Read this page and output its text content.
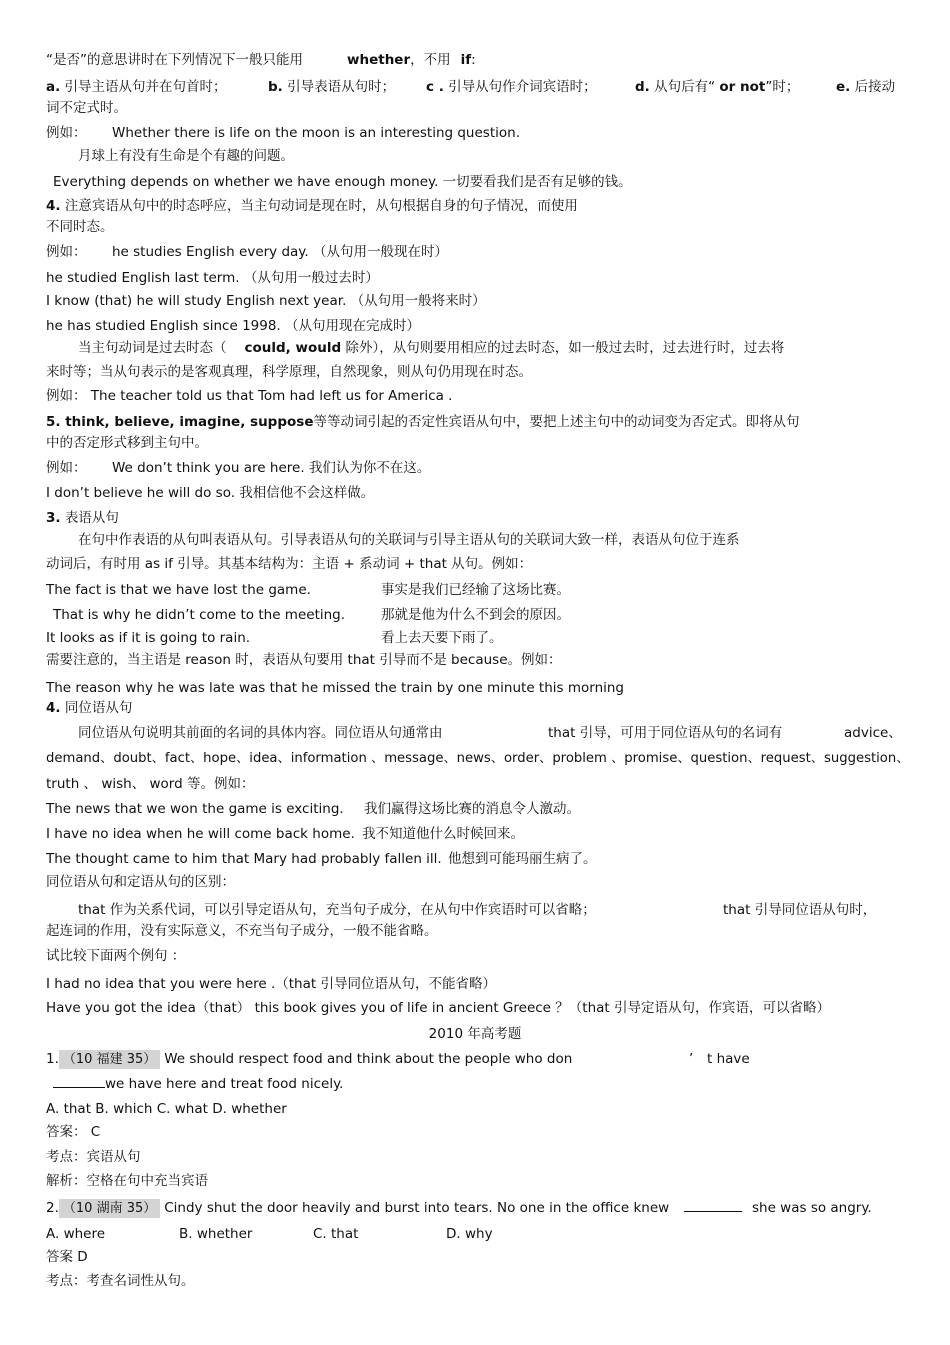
“是否”的意思讲时在下列情况下一般只能用	whether，不用 if:
a. 引导主语从句并在句首时；	b. 引导表语从句时； c . 引导从句作介词宾语时；	d. 从句后有“ or not”时；	e. 后接动
词不定式时。
例如： Whether there is life on the moon is an interesting question.
月球上有没有生命是个有趣的问题。
Everything depends on whether we have enough money. 一切要看我们是否有足够的钱。
4. 注意宾语从句中的时态呼应，当主句动词是现在时，从句根据自身的句子情况，而使用
不同时态。
例如： he studies English every day. （从句用一般现在时）
he studied English last term. （从句用一般过去时）
I know (that) he will study English next year. （从句用一般将来时）
he has studied English since 1998. （从句用现在完成时）
当主句动词是过去时态（ could, would 除外），从句则要用相应的过去时态，如一般过去时，过去进行时，过去将
来时等；当从句表示的是客观真理，科学原理，自然现象，则从句仍用现在时态。
例如： The teacher told us that Tom had left us for America .
5. think, believe, imagine, suppose等等动词引起的否定性宾语从句中，要把上述主句中的动词变为否定式。即将从句
中的否定形式移到主句中。
例如： We don’t think you are here. 我们认为你不在这。
I don’t believe he will do so. 我相信他不会这样做。
3. 表语从句
在句中作表语的从句叫表语从句。引导表语从句的关联词与引导主语从句的关联词大致一样，表语从句位于连系
动词后，有时用 as if 引导。其基本结构为：主语 + 系动词 + that 从句。例如：
The fact is that we have lost the game.	事实是我们已经输了这场比赛。
That is why he didn’t come to the meeting.	那就是他为什么不到会的原因。
It looks as if it is going to rain.	看上去天要下雨了。
需要注意的，当主语是 reason 时，表语从句要用 that 引导而不是 because。例如：
The reason why he was late was that he missed the train by one minute this morning
4. 同位语从句
同位语从句说明其前面的名词的具体内容。同位语从句通常由	that 引导，可用于同位语从句的名词有	advice、
demand、doubt、fact、hope、idea、information 、message、news、order、problem 、promise、question、request、suggestion、
truth 、 wish、 word 等。例如：
The news that we won the game is exciting. 我们赢得这场比赛的消息令人激动。
I have no idea when he will come back home. 我不知道他什么时候回来。
The thought came to him that Mary had probably fallen ill. 他想到可能玛丽生病了。
同位语从句和定语从句的区别：
that 作为关系代词，可以引导定语从句，充当句子成分，在从句中作宾语时可以省略；	that 引导同位语从句时，
起连词的作用，没有实际意义，不充当句子成分，一般不能省略。
试比较下面两个例句 ：
I had no idea that you were here .（that 引导同位语从句，不能省略）
Have you got the idea（that） this book gives you of life in ancient Greece ？（that 引导定语从句，作宾语，可以省略）
2010 年高考题
1. （10 福建 35） We should respect food and think about the people who don	’ t have
we have here and treat food nicely.
A. that B. which C. what D. whether
答案： C
考点：宾语从句
解析：空格在句中充当宾语
2. （10 湖南 35） Cindy shut the door heavily and burst into tears. No one in the office knew	she was so angry.
A. where	B. whether	C. that	D. why
答案 D
考点：考查名词性从句。
